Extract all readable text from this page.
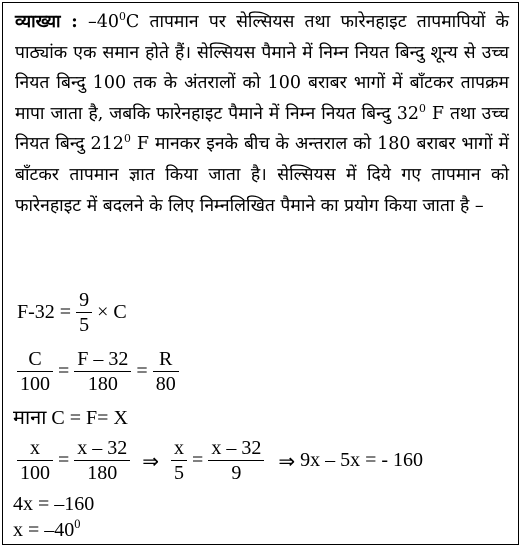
व्याख्या : $-40^0C$ तापमान पर सेल्सियस तथा फारेनहाइट तापमापियों के पाठ्यांक एक समान होते हैं। सेल्सियस पैमाने में निम्न नियत बिन्दु शून्य से उच्च नियत बिन्दु 100 तक के अंतरालों को 100 बराबर भागों में बाँटकर तापक्रम मापा जाता है, जबकि फारेनहाइट पैमाने में निम्न नियत बिन्दु $32^0$ F तथा उच्च नियत बिन्दु $212^0$ F मानकर इनके बीच के अन्तराल को 180 बराबर भागों में बाँटकर तापमान ज्ञात किया जाता है। सेल्सियस में दिये गए तापमान को फारेनहाइट में बदलने के लिए निम्नलिखित पैमाने का प्रयोग किया जाता है –
$F-32 = \frac{9}{5} \times C$
$\frac{C}{100} = \frac{F - 32}{180} = \frac{R}{80}$
माना C = F= X
$\frac{x}{100} = \frac{x - 32}{180}$ ⇒ $\frac{x}{5} = \frac{x - 32}{9}$ ⇒ 9x – 5x = - 160
4x = –160
$x = -40^0$
